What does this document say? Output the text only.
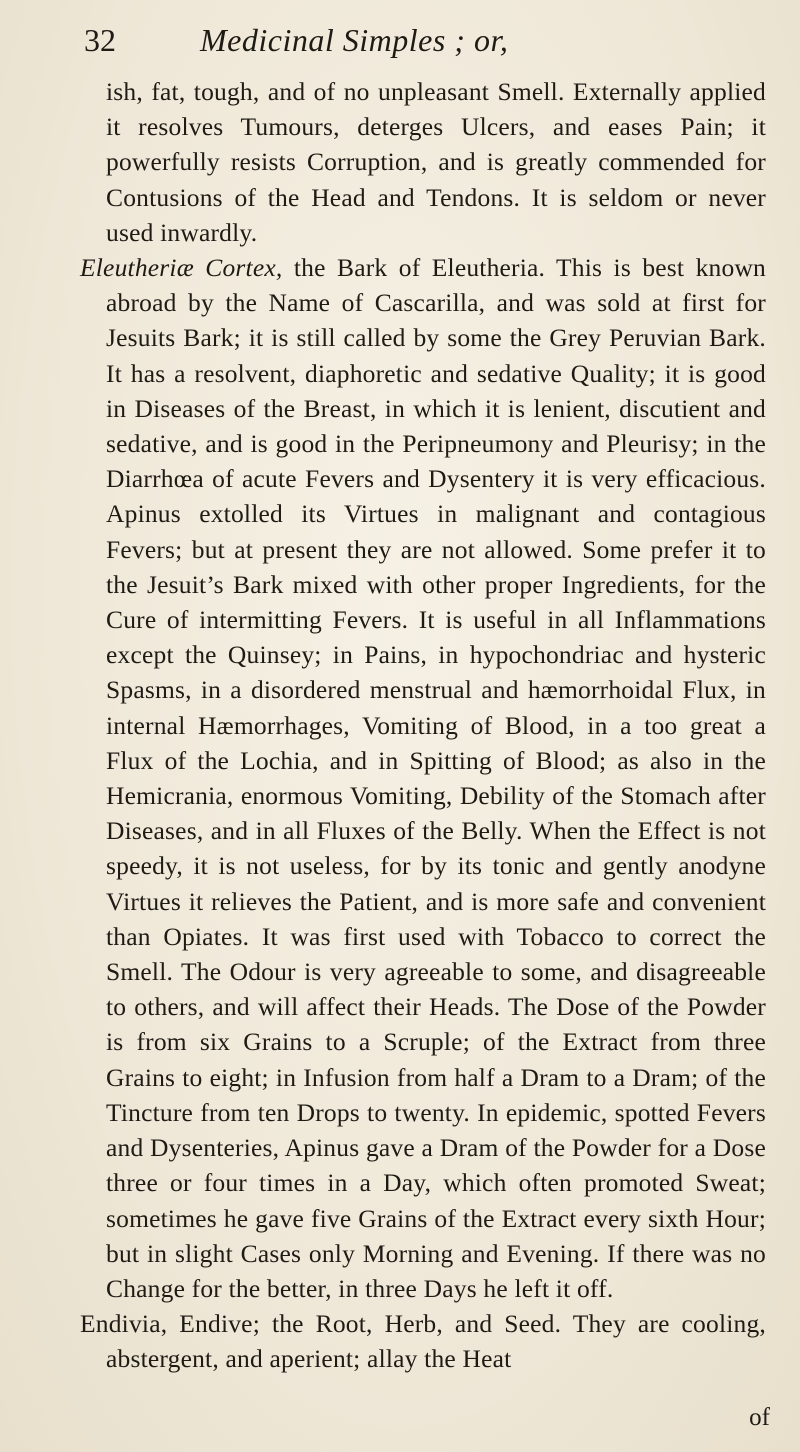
32	Medicinal Simples ; or,

ish, fat, tough, and of no unpleasant Smell. Externally applied it resolves Tumours, deterges Ulcers, and eases Pain; it powerfully resists Corruption, and is greatly commended for Contusions of the Head and Tendons. It is seldom or never used inwardly.

Eleutheriæ Cortex, the Bark of Eleutheria. This is best known abroad by the Name of Cascarilla, and was sold at first for Jesuits Bark; it is still called by some the Grey Peruvian Bark. It has a resolvent, diaphoretic and sedative Quality; it is good in Diseases of the Breast, in which it is lenient, discutient and sedative, and is good in the Peripneumony and Pleurisy; in the Diarrhœa of acute Fevers and Dysentery it is very efficacious. Apinus extolled its Virtues in malignant and contagious Fevers; but at present they are not allowed. Some prefer it to the Jesuit’s Bark mixed with other proper Ingredients, for the Cure of intermitting Fevers. It is useful in all Inflammations except the Quinsey; in Pains, in hypochondriac and hysteric Spasms, in a disordered menstrual and hæmorrhoidal Flux, in internal Hæmorrhages, Vomiting of Blood, in a too great a Flux of the Lochia, and in Spitting of Blood; as also in the Hemicrania, enormous Vomiting, Debility of the Stomach after Diseases, and in all Fluxes of the Belly. When the Effect is not speedy, it is not useless, for by its tonic and gently anodyne Virtues it relieves the Patient, and is more safe and convenient than Opiates. It was first used with Tobacco to correct the Smell. The Odour is very agreeable to some, and disagreeable to others, and will affect their Heads. The Dose of the Powder is from six Grains to a Scruple; of the Extract from three Grains to eight; in Infusion from half a Dram to a Dram; of the Tincture from ten Drops to twenty. In epidemic, spotted Fevers and Dysenteries, Apinus gave a Dram of the Powder for a Dose three or four times in a Day, which often promoted Sweat; sometimes he gave five Grains of the Extract every sixth Hour; but in slight Cases only Morning and Evening. If there was no Change for the better, in three Days he left it off.

Endivia, Endive; the Root, Herb, and Seed. They are cooling, abstergent, and aperient; allay the Heat

of
